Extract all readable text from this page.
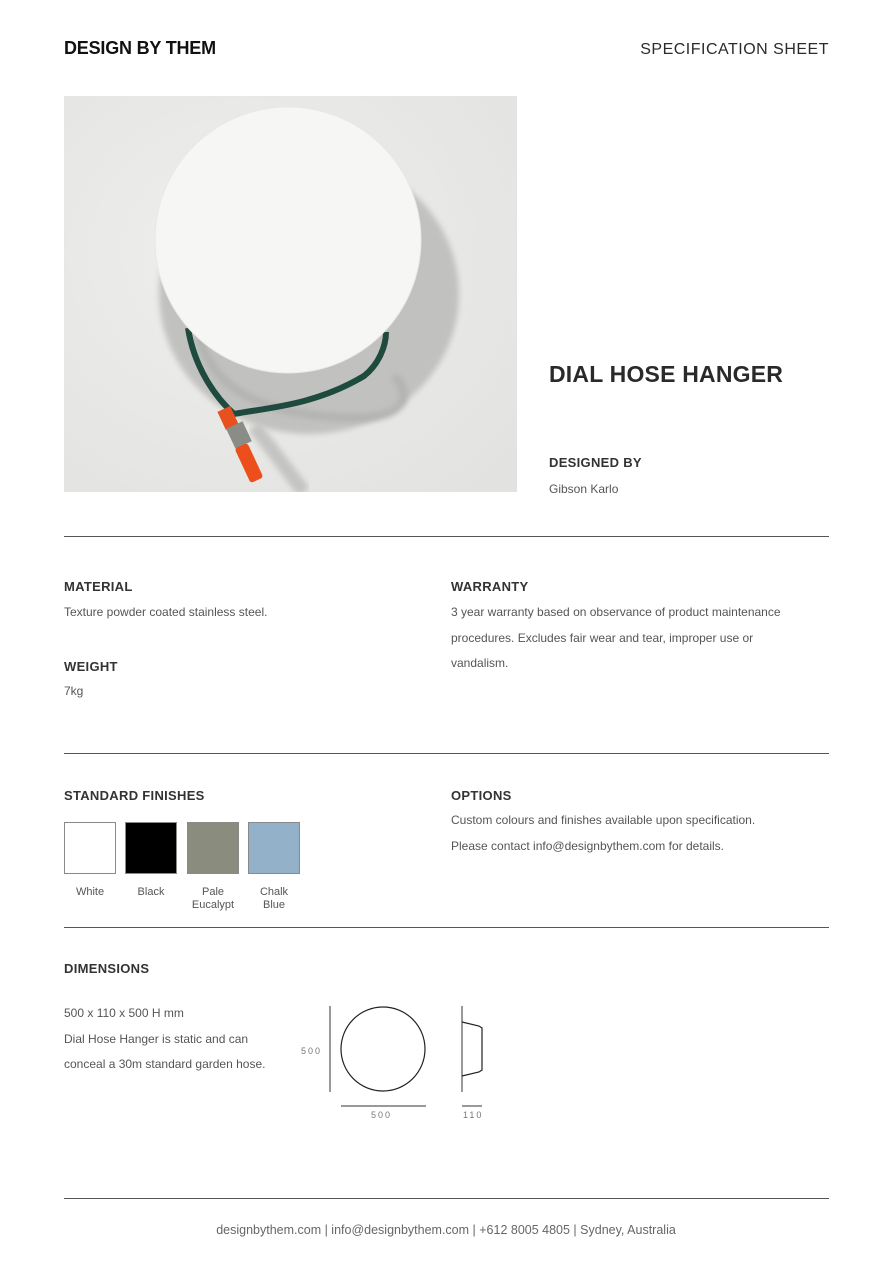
DESIGN BY THEM	SPECIFICATION SHEET
DIAL HOSE HANGER
DESIGNED BY
Gibson Karlo
MATERIAL
Texture powder coated stainless steel.
WEIGHT
7kg
WARRANTY
3 year warranty based on observance of product maintenance
procedures. Excludes fair wear and tear, improper use or
vandalism.
STANDARD FINISHES
White	Black	Pale
Eucalypt
Chalk
Blue
OPTIONS
Custom colours and finishes available upon specification.
Please contact info@designbythem.com for details.
DIMENSIONS
500 x 110 x 500 H mm
Dial Hose Hanger is static and can
conceal a 30m standard garden hose.
500
500	110
designbythem.com | info@designbythem.com | +612 8005 4805 | Sydney, Australia
